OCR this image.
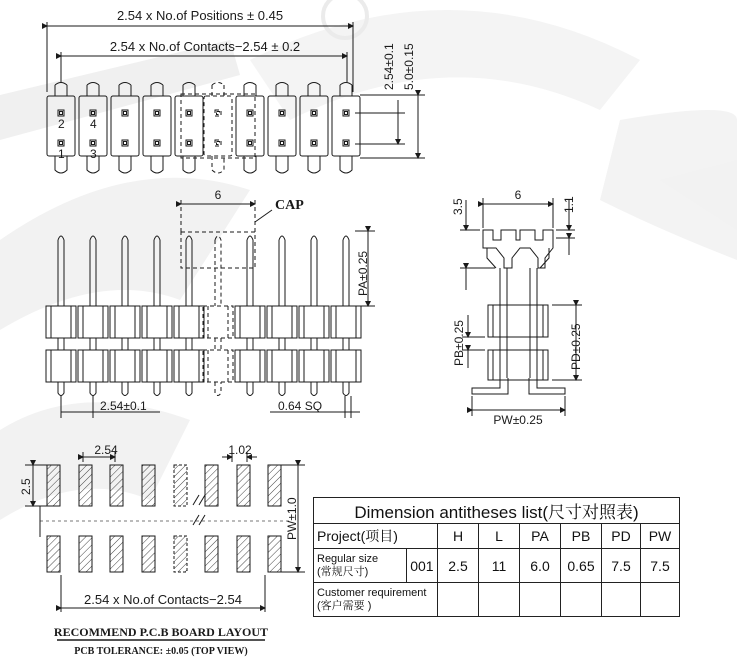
2.54 x No.of Positions ± 0.45
2.54 x No.of Contacts−2.54 ± 0.2	2.54±0.1 5.0±0.15
2 4
1 3
CAP
6
PA±0.25
2.54±0.1	0.64 SQ
6
3.5	1.1
PB±0.25	PD±0.25
PW±0.25
2.54	1.02
2.5
PW±1.0
2.54 x No.of Contacts−2.54
RECOMMEND P.C.B BOARD LAYOUT
PCB TOLERANCE: ±0.05 (TOP VIEW)
Dimension antitheses list(尺寸对照表)							
Project(项目)		H	L	PA	PB	PD	PW

Regular size
(常规尺寸)	001	2.5	11	6.0	0.65	7.5	7.5

Customer requirement
(客户需要 )							
